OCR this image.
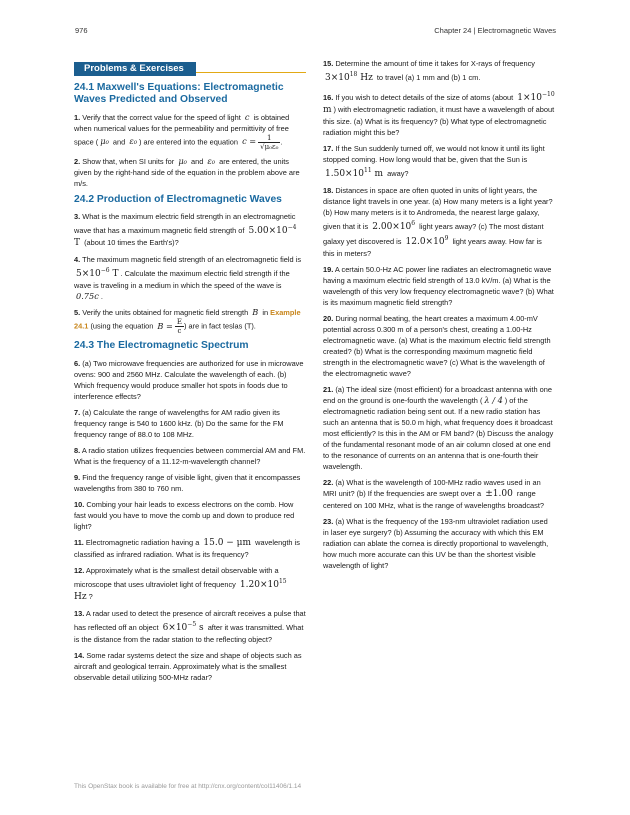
976	Chapter 24 | Electromagnetic Waves
Problems & Exercises
24.1 Maxwell's Equations: Electromagnetic Waves Predicted and Observed

1. Verify that the correct value for the speed of light c is obtained when numerical values for the permeability and permittivity of free space ( μ₀ and ε₀ ) are entered into the equation $c = \frac{1}{\text{√μ₀ε₀}}$ .

2. Show that, when SI units for μ₀ and ε₀ are entered, the units given by the right-hand side of the equation in the problem above are m/s.

24.2 Production of Electromagnetic Waves

3. What is the maximum electric field strength in an electromagnetic wave that has a maximum magnetic field strength of $5.00\times 10^{-4}$ T (about 10 times the Earth's)?

4. The maximum magnetic field strength of an electromagnetic field is $5\times 10^{-6}$ T . Calculate the maximum electric field strength if the wave is traveling in a medium in which the speed of the wave is 0.75c .

5. Verify the units obtained for magnetic field strength B in Example 24.1 (using the equation $B = \frac{E}{c}$ ) are in fact teslas (T).

24.3 The Electromagnetic Spectrum

6. (a) Two microwave frequencies are authorized for use in microwave ovens: 900 and 2560 MHz. Calculate the wavelength of each. (b) Which frequency would produce smaller hot spots in foods due to interference effects?

7. (a) Calculate the range of wavelengths for AM radio given its frequency range is 540 to 1600 kHz. (b) Do the same for the FM frequency range of 88.0 to 108 MHz.

8. A radio station utilizes frequencies between commercial AM and FM. What is the frequency of a 11.12-m-wavelength channel?

9. Find the frequency range of visible light, given that it encompasses wavelengths from 380 to 760 nm.

10. Combing your hair leads to excess electrons on the comb. How fast would you have to move the comb up and down to produce red light?

11. Electromagnetic radiation having a 15.0 − μm wavelength is classified as infrared radiation. What is its frequency?

12. Approximately what is the smallest detail observable with a microscope that uses ultraviolet light of frequency $1.20\times 10^{15}$ Hz ?

13. A radar used to detect the presence of aircraft receives a pulse that has reflected off an object $6\times 10^{-5}$ s after it was transmitted. What is the distance from the radar station to the reflecting object?

14. Some radar systems detect the size and shape of objects such as aircraft and geological terrain. Approximately what is the smallest observable detail utilizing 500-MHz radar?

15. Determine the amount of time it takes for X-rays of frequency $3\times 10^{18}$ Hz to travel (a) 1 mm and (b) 1 cm.

16. If you wish to detect details of the size of atoms (about $1\times 10^{-10}$ m ) with electromagnetic radiation, it must have a wavelength of about this size. (a) What is its frequency? (b) What type of electromagnetic radiation might this be?

17. If the Sun suddenly turned off, we would not know it until its light stopped coming. How long would that be, given that the Sun is $1.50\times 10^{11}$ m away?

18. Distances in space are often quoted in units of light years, the distance light travels in one year. (a) How many meters is a light year? (b) How many meters is it to Andromeda, the nearest large galaxy, given that it is $2.00\times 10^6$ light years away? (c) The most distant galaxy yet discovered is $12.0\times 10^9$ light years away. How far is this in meters?

19. A certain 50.0-Hz AC power line radiates an electromagnetic wave having a maximum electric field strength of 13.0 kV/m. (a) What is the wavelength of this very low frequency electromagnetic wave? (b) What is its maximum magnetic field strength?

20. During normal beating, the heart creates a maximum 4.00-mV potential across 0.300 m of a person's chest, creating a 1.00-Hz electromagnetic wave. (a) What is the maximum electric field strength created? (b) What is the corresponding maximum magnetic field strength in the electromagnetic wave? (c) What is the wavelength of the electromagnetic wave?

21. (a) The ideal size (most efficient) for a broadcast antenna with one end on the ground is one-fourth the wavelength ( λ / 4 ) of the electromagnetic radiation being sent out. If a new radio station has such an antenna that is 50.0 m high, what frequency does it broadcast most efficiently? Is this in the AM or FM band? (b) Discuss the analogy of the fundamental resonant mode of an air column closed at one end to the resonance of currents on an antenna that is one-fourth their wavelength.

22. (a) What is the wavelength of 100-MHz radio waves used in an MRI unit? (b) If the frequencies are swept over a ±1.00 range centered on 100 MHz, what is the range of wavelengths broadcast?

23. (a) What is the frequency of the 193-nm ultraviolet radiation used in laser eye surgery? (b) Assuming the accuracy with which this EM radiation can ablate the cornea is directly proportional to wavelength, how much more accurate can this UV be than the shortest visible wavelength of light?

This OpenStax book is available for free at http://cnx.org/content/col11406/1.14
